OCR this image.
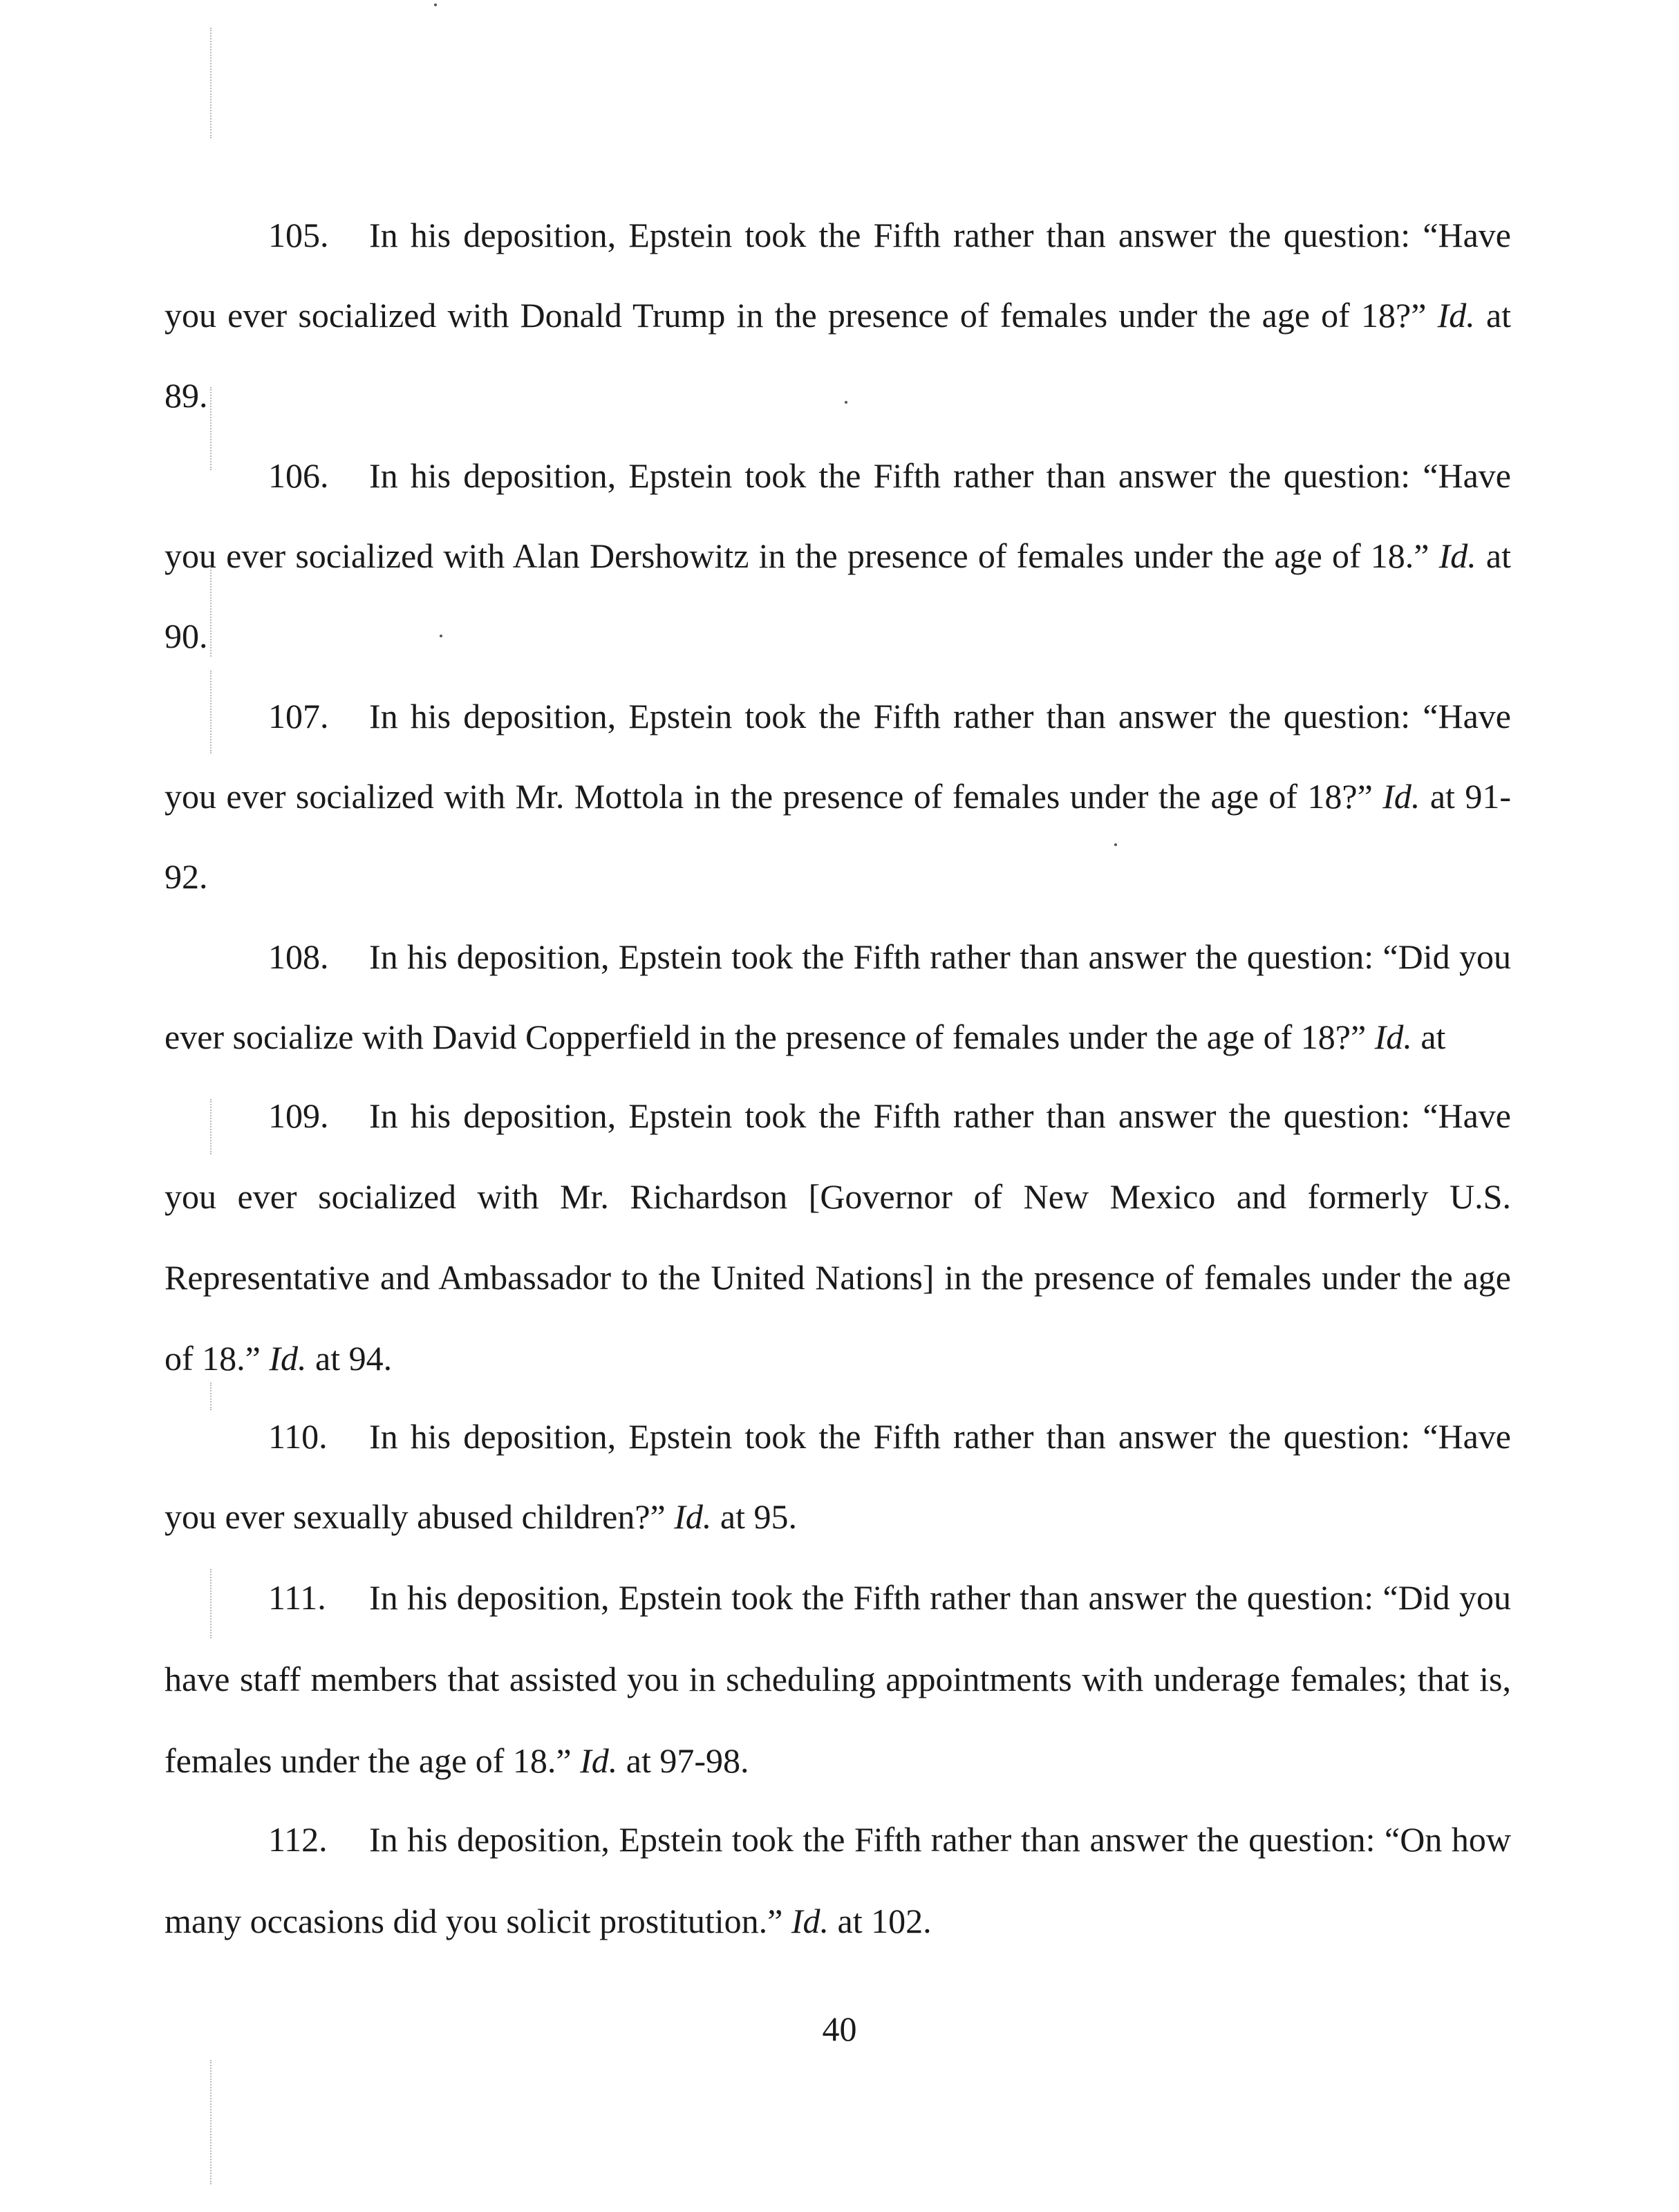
105. In his deposition, Epstein took the Fifth rather than answer the question: “Have you ever socialized with Donald Trump in the presence of females under the age of 18?” Id. at 89.

106. In his deposition, Epstein took the Fifth rather than answer the question: “Have you ever socialized with Alan Dershowitz in the presence of females under the age of 18.” Id. at 90.

107. In his deposition, Epstein took the Fifth rather than answer the question: “Have you ever socialized with Mr. Mottola in the presence of females under the age of 18?” Id. at 91-92.

108. In his deposition, Epstein took the Fifth rather than answer the question: “Did you ever socialize with David Copperfield in the presence of females under the age of 18?” Id. at

109. In his deposition, Epstein took the Fifth rather than answer the question: “Have you ever socialized with Mr. Richardson [Governor of New Mexico and formerly U.S. Representative and Ambassador to the United Nations] in the presence of females under the age of 18.” Id. at 94.

110. In his deposition, Epstein took the Fifth rather than answer the question: “Have you ever sexually abused children?” Id. at 95.

111. In his deposition, Epstein took the Fifth rather than answer the question: “Did you have staff members that assisted you in scheduling appointments with underage females; that is, females under the age of 18.” Id. at 97-98.

112. In his deposition, Epstein took the Fifth rather than answer the question: “On how many occasions did you solicit prostitution.” Id. at 102.

40
